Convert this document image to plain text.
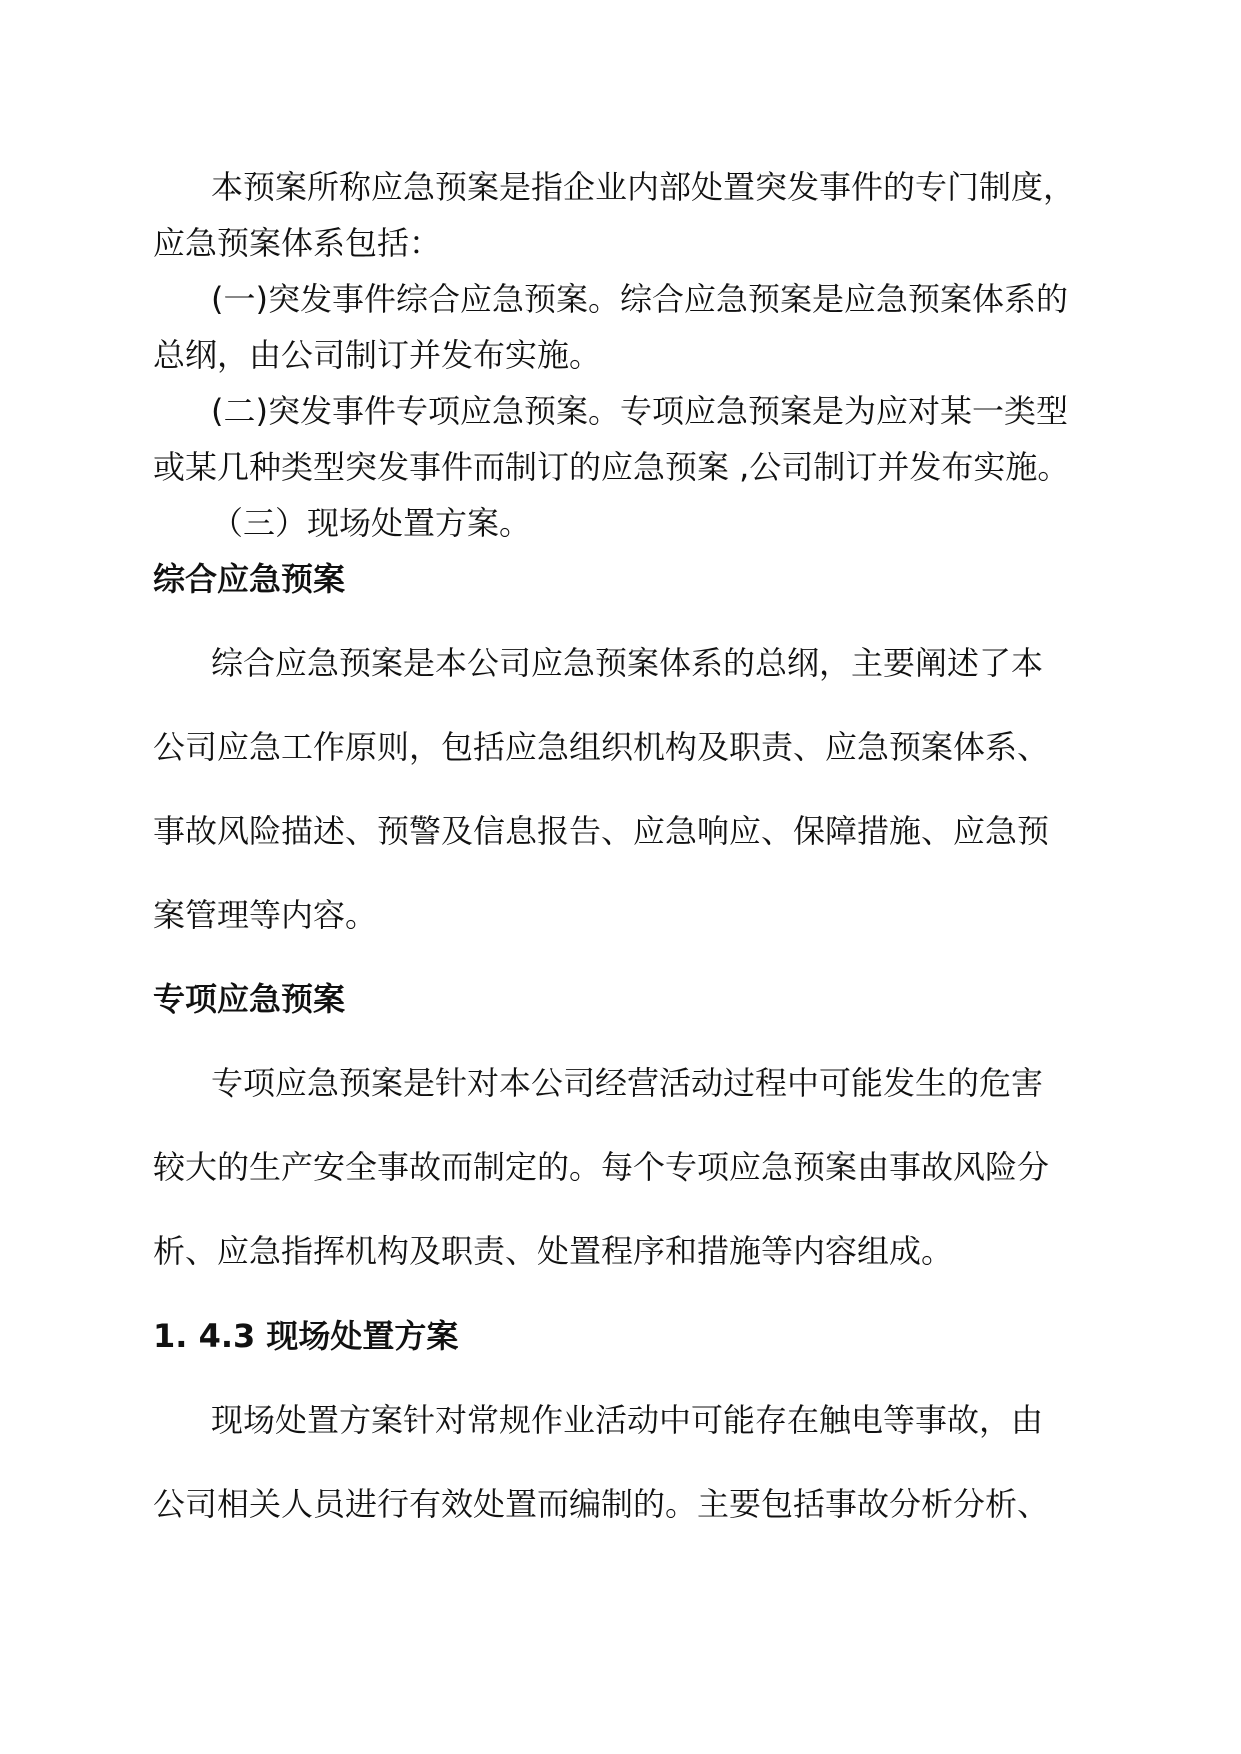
本预案所称应急预案是指企业内部处置突发事件的专门制度，
应急预案体系包括：
(一)突发事件综合应急预案。综合应急预案是应急预案体系的
总纲，由公司制订并发布实施。
(二)突发事件专项应急预案。专项应急预案是为应对某一类型
或某几种类型突发事件而制订的应急预案 ,公司制订并发布实施。
（三）现场处置方案。
综合应急预案
综合应急预案是本公司应急预案体系的总纲，主要阐述了本
公司应急工作原则，包括应急组织机构及职责、应急预案体系、
事故风险描述、预警及信息报告、应急响应、保障措施、应急预
案管理等内容。
专项应急预案
专项应急预案是针对本公司经营活动过程中可能发生的危害
较大的生产安全事故而制定的。每个专项应急预案由事故风险分
析、应急指挥机构及职责、处置程序和措施等内容组成。
1. 4.3 现场处置方案
现场处置方案针对常规作业活动中可能存在触电等事故，由
公司相关人员进行有效处置而编制的。主要包括事故分析分析、
